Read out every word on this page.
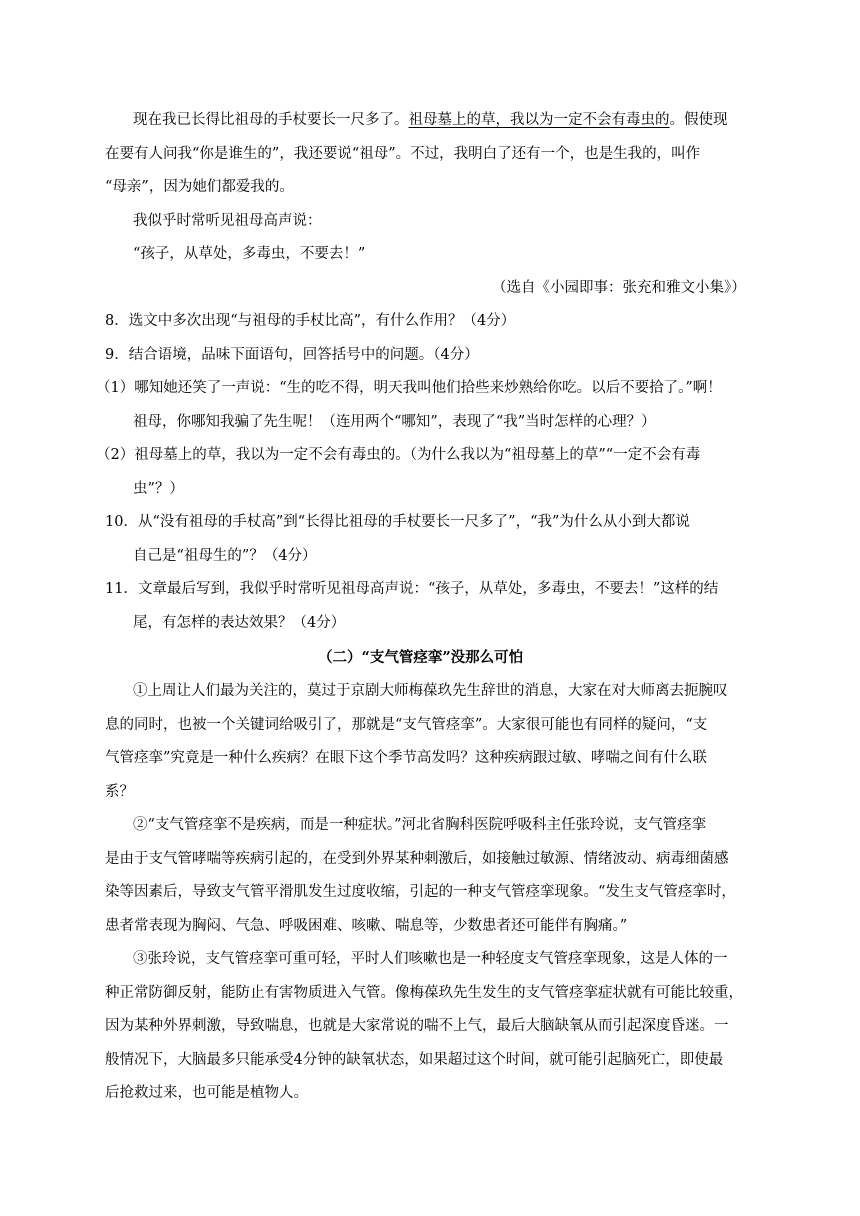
现在我已长得比祖母的手杖要长一尺多了。祖母墓上的草，我以为一定不会有毒虫的。假使现
在要有人问我“你是谁生的”，我还要说“祖母”。不过，我明白了还有一个，也是生我的，叫作
“母亲”，因为她们都爱我的。
我似乎时常听见祖母高声说：
“孩子，从草处，多毒虫，不要去！”
（选自《小园即事：张充和雅文小集》）
8．选文中多次出现“与祖母的手杖比高”，有什么作用？（4分）
9．结合语境，品味下面语句，回答括号中的问题。（4分）
（1）哪知她还笑了一声说：“生的吃不得，明天我叫他们拾些来炒熟给你吃。以后不要拾了。”啊！
祖母，你哪知我骗了先生呢！（连用两个“哪知”，表现了“我”当时怎样的心理？）
（2）祖母墓上的草，我以为一定不会有毒虫的。（为什么我以为“祖母墓上的草”“一定不会有毒
虫”？）
10．从“没有祖母的手杖高”到“长得比祖母的手杖要长一尺多了”，“我”为什么从小到大都说
自己是“祖母生的”？（4分）
11．文章最后写到，我似乎时常听见祖母高声说：“孩子，从草处，多毒虫，不要去！”这样的结
尾，有怎样的表达效果？（4分）
（二）“支气管痉挛”没那么可怕
①上周让人们最为关注的，莫过于京剧大师梅葆玖先生辞世的消息，大家在对大师离去扼腕叹
息的同时，也被一个关键词给吸引了，那就是“支气管痉挛”。大家很可能也有同样的疑问，“支
气管痉挛”究竟是一种什么疾病？在眼下这个季节高发吗？这种疾病跟过敏、哮喘之间有什么联
系？
②“支气管痉挛不是疾病，而是一种症状。”河北省胸科医院呼吸科主任张玲说，支气管痉挛
是由于支气管哮喘等疾病引起的，在受到外界某种刺激后，如接触过敏源、情绪波动、病毒细菌感
染等因素后，导致支气管平滑肌发生过度收缩，引起的一种支气管痉挛现象。“发生支气管痉挛时，
患者常表现为胸闷、气急、呼吸困难、咳嗽、喘息等，少数患者还可能伴有胸痛。”
③张玲说，支气管痉挛可重可轻，平时人们咳嗽也是一种轻度支气管痉挛现象，这是人体的一
种正常防御反射，能防止有害物质进入气管。像梅葆玖先生发生的支气管痉挛症状就有可能比较重，
因为某种外界刺激，导致喘息，也就是大家常说的喘不上气，最后大脑缺氧从而引起深度昏迷。一
般情况下，大脑最多只能承受4分钟的缺氧状态，如果超过这个时间，就可能引起脑死亡，即使最
后抢救过来，也可能是植物人。
